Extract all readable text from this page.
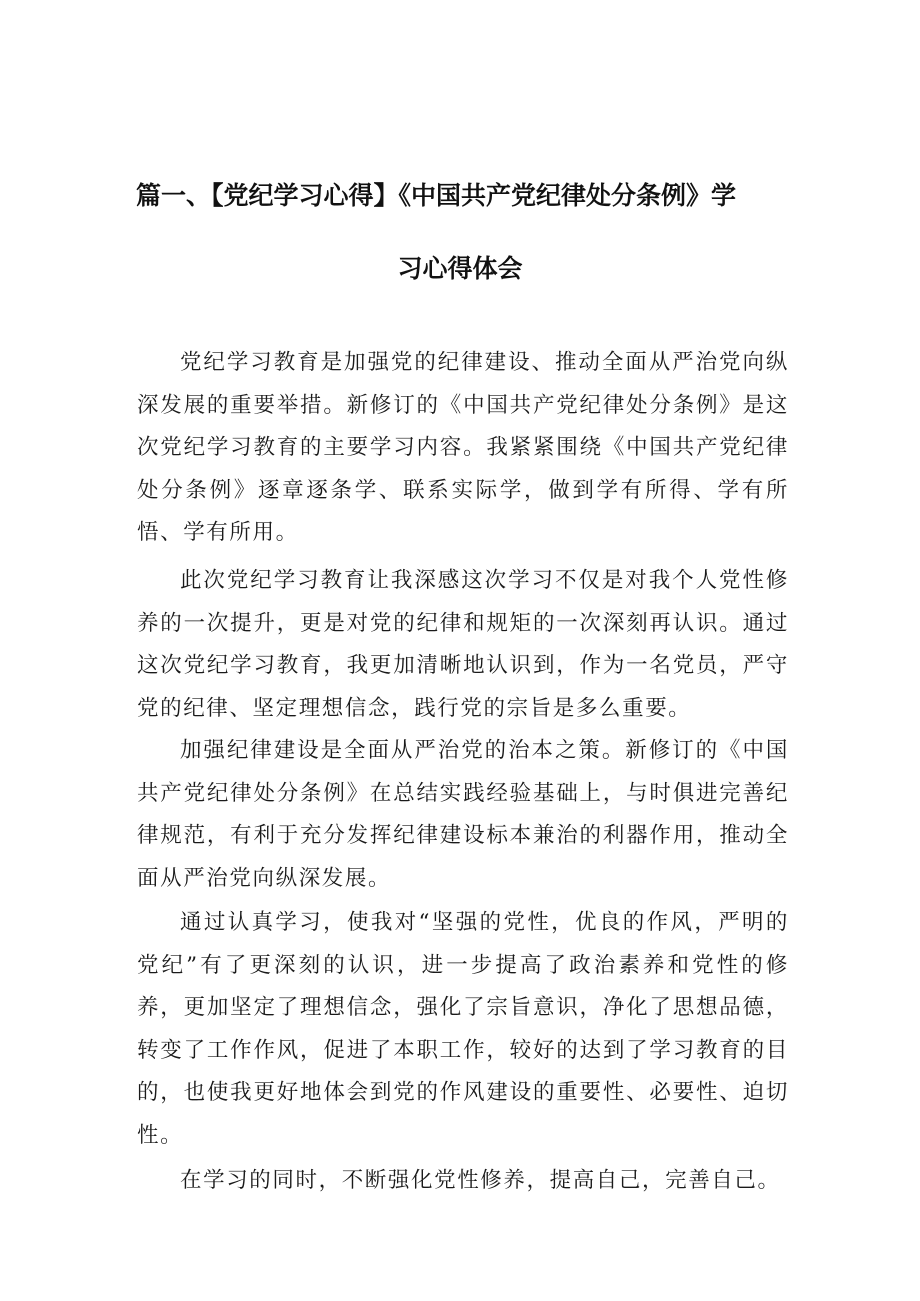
篇一、【党纪学习心得】《中国共产党纪律处分条例》学
习心得体会

党纪学习教育是加强党的纪律建设、推动全面从严治党向纵深发展的重要举措。新修订的《中国共产党纪律处分条例》是这次党纪学习教育的主要学习内容。我紧紧围绕《中国共产党纪律处分条例》逐章逐条学、联系实际学，做到学有所得、学有所悟、学有所用。

此次党纪学习教育让我深感这次学习不仅是对我个人党性修养的一次提升，更是对党的纪律和规矩的一次深刻再认识。通过这次党纪学习教育，我更加清晰地认识到，作为一名党员，严守党的纪律、坚定理想信念，践行党的宗旨是多么重要。

加强纪律建设是全面从严治党的治本之策。新修订的《中国共产党纪律处分条例》在总结实践经验基础上，与时俱进完善纪律规范，有利于充分发挥纪律建设标本兼治的利器作用，推动全面从严治党向纵深发展。

通过认真学习，使我对“坚强的党性，优良的作风，严明的党纪”有了更深刻的认识，进一步提高了政治素养和党性的修养，更加坚定了理想信念，强化了宗旨意识，净化了思想品德，转变了工作作风，促进了本职工作，较好的达到了学习教育的目的，也使我更好地体会到党的作风建设的重要性、必要性、迫切性。

在学习的同时，不断强化党性修养，提高自己，完善自己。
